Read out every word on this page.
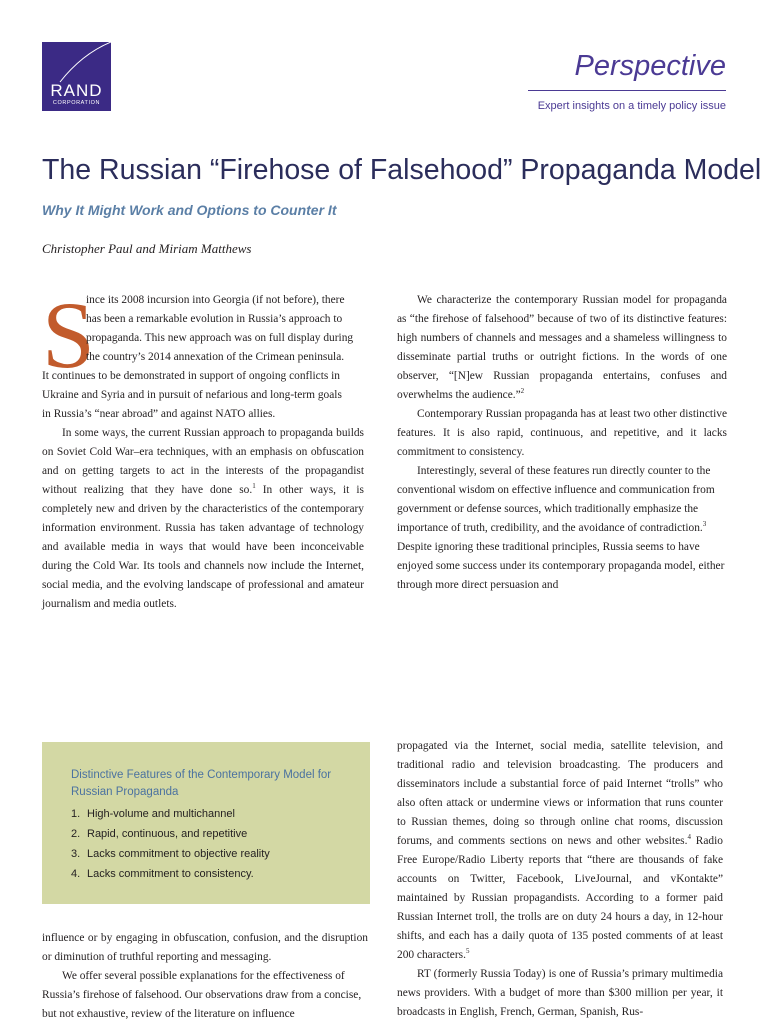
RAND
CORPORATION
Perspective
Expert insights on a timely policy issue
The Russian “Firehose of Falsehood” Propaganda Model
Why It Might Work and Options to Counter It
Christopher Paul and Miriam Matthews
S
ince its 2008 incursion into Georgia (if not before), there
has been a remarkable evolution in Russia’s approach to
propaganda. This new approach was on full display during
the country’s 2014 annexation of the Crimean peninsula.
It continues to be demonstrated in support of ongoing conflicts in
Ukraine and Syria and in pursuit of nefarious and long-term goals
in Russia’s “near abroad” and against NATO allies.

In some ways, the current Russian approach to propaganda builds on Soviet Cold War–era techniques, with an emphasis on obfuscation and on getting targets to act in the interests of the propagandist without realizing that they have done so.$^1$ In other ways, it is completely new and driven by the characteristics of the contemporary information environment. Russia has taken advantage of technology and available media in ways that would have been inconceivable during the Cold War. Its tools and channels now include the Internet, social media, and the evolving landscape of professional and amateur journalism and media outlets.

We characterize the contemporary Russian model for propaganda as “the firehose of falsehood” because of two of its distinctive features: high numbers of channels and messages and a shameless willingness to disseminate partial truths or outright fictions. In the words of one observer, “[N]ew Russian propaganda entertains, confuses and overwhelms the audience.”$^2$

Contemporary Russian propaganda has at least two other distinctive features. It is also rapid, continuous, and repetitive, and it lacks commitment to consistency.

Interestingly, several of these features run directly counter to the conventional wisdom on effective influence and communication from government or defense sources, which traditionally emphasize the importance of truth, credibility, and the avoidance of contradiction.$^3$ Despite ignoring these traditional principles, Russia seems to have enjoyed some success under its contemporary propaganda model, either through more direct persuasion and

Distinctive Features of the Contemporary Model for Russian Propaganda
1. High-volume and multichannel
2. Rapid, continuous, and repetitive
3. Lacks commitment to objective reality
4. Lacks commitment to consistency.

influence or by engaging in obfuscation, confusion, and the disruption or diminution of truthful reporting and messaging.

We offer several possible explanations for the effectiveness of Russia’s firehose of falsehood. Our observations draw from a concise, but not exhaustive, review of the literature on influence

propagated via the Internet, social media, satellite television, and traditional radio and television broadcasting. The producers and disseminators include a substantial force of paid Internet “trolls” who also often attack or undermine views or information that runs counter to Russian themes, doing so through online chat rooms, discussion forums, and comments sections on news and other websites.$^4$ Radio Free Europe/Radio Liberty reports that “there are thousands of fake accounts on Twitter, Facebook, LiveJournal, and vKontakte” maintained by Russian propagandists. According to a former paid Russian Internet troll, the trolls are on duty 24 hours a day, in 12-hour shifts, and each has a daily quota of 135 posted comments of at least 200 characters.$^5$

RT (formerly Russia Today) is one of Russia’s primary multimedia news providers. With a budget of more than $300 million per year, it broadcasts in English, French, German, Spanish, Rus-
